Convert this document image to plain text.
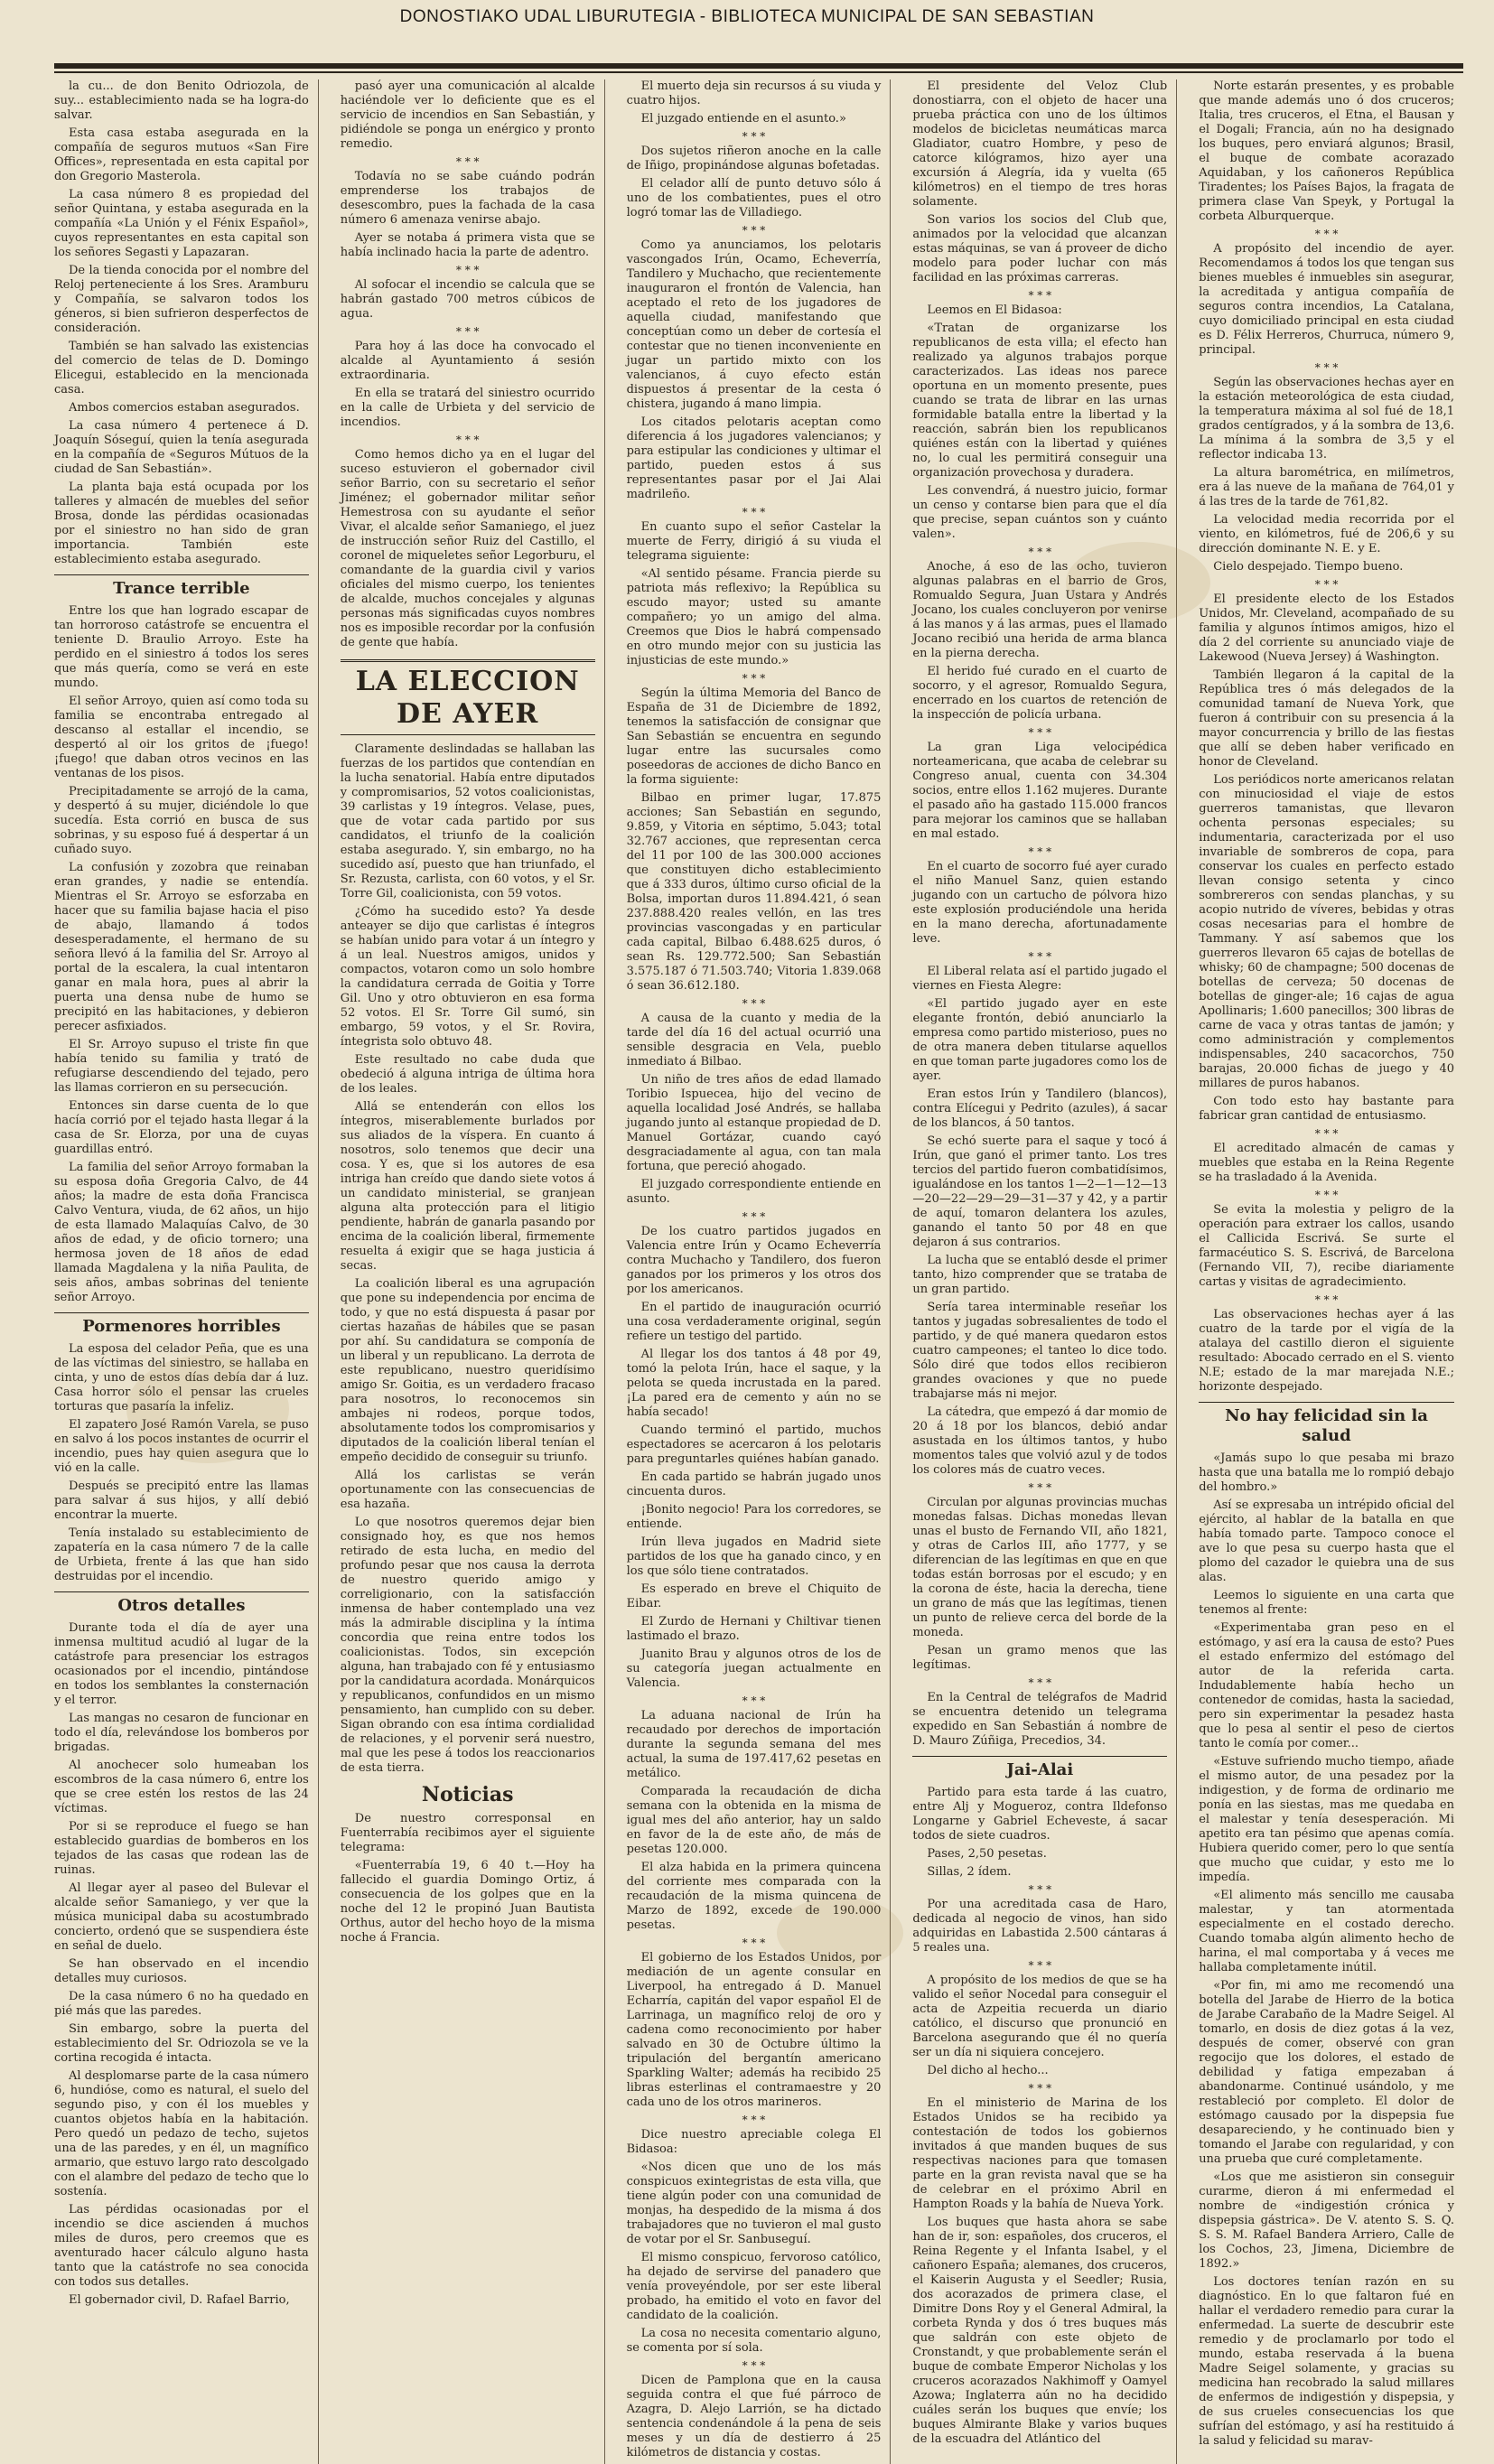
DONOSTIAKO UDAL LIBURUTEGIA - BIBLIOTECA MUNICIPAL DE SAN SEBASTIAN

la cu... de don Benito Odriozola, de suy... establecimiento nada se ha logra-do salvar.

Esta casa estaba asegurada en la compañía de seguros mutuos «San Fire Offices», representada en esta capital por don Gregorio Masterola.

La casa número 8 es propiedad del señor Quintana, y estaba asegurada en la compañía «La Unión y el Fénix Español», cuyos representantes en esta capital son los señores Segasti y Lapazaran.

De la tienda conocida por el nombre del Reloj perteneciente á los Sres. Aramburu y Compañía, se salvaron todos los géneros, si bien sufrieron desperfectos de consideración.

También se han salvado las existencias del comercio de telas de D. Domingo Elicegui, establecido en la mencionada casa.

Ambos comercios estaban asegurados.

La casa número 4 pertenece á D. Joaquín Sóseguí, quien la tenía asegurada en la compañía de «Seguros Mútuos de la ciudad de San Sebastián».

La planta baja está ocupada por los talleres y almacén de muebles del señor Brosa, donde las pérdidas ocasionadas por el siniestro no han sido de gran importancia. También este establecimiento estaba asegurado.

Trance terrible

Entre los que han logrado escapar de tan horroroso catástrofe se encuentra el teniente D. Braulio Arroyo. Este ha perdido en el siniestro á todos los seres que más quería, como se verá en este mundo.

El señor Arroyo, quien así como toda su familia se encontraba entregado al descanso al estallar el incendio, se despertó al oir los gritos de ¡fuego! ¡fuego! que daban otros vecinos en las ventanas de los pisos.

Precipitadamente se arrojó de la cama, y despertó á su mujer, diciéndole lo que sucedía. Esta corrió en busca de sus sobrinas, y su esposo fué á despertar á un cuñado suyo.

La confusión y zozobra que reinaban eran grandes, y nadie se entendía. Mientras el Sr. Arroyo se esforzaba en hacer que su familia bajase hacia el piso de abajo, llamando á todos desesperadamente, el hermano de su señora llevó á la familia del Sr. Arroyo al portal de la escalera, la cual intentaron ganar en mala hora, pues al abrir la puerta una densa nube de humo se precipitó en las habitaciones, y debieron perecer asfixiados.

El Sr. Arroyo supuso el triste fin que había tenido su familia y trató de refugiarse descendiendo del tejado, pero las llamas corrieron en su persecución.

Entonces sin darse cuenta de lo que hacía corrió por el tejado hasta llegar á la casa de Sr. Elorza, por una de cuyas guardillas entró.

La familia del señor Arroyo formaban la su esposa doña Gregoria Calvo, de 44 años; la madre de esta doña Francisca Calvo Ventura, viuda, de 62 años, un hijo de esta llamado Malaquías Calvo, de 30 años de edad, y de oficio tornero; una hermosa joven de 18 años de edad llamada Magdalena y la niña Paulita, de seis años, ambas sobrinas del teniente señor Arroyo.

Pormenores horribles

La esposa del celador Peña, que es una de las víctimas del siniestro, se hallaba en cinta, y uno de estos días debía dar á luz. Casa horror sólo el pensar las crueles torturas que pasaría la infeliz.

El zapatero José Ramón Varela, se puso en salvo á los pocos instantes de ocurrir el incendio, pues hay quien asegura que lo vió en la calle.

Después se precipitó entre las llamas para salvar á sus hijos, y allí debió encontrar la muerte.

Tenía instalado su establecimiento de zapatería en la casa número 7 de la calle de Urbieta, frente á las que han sido destruidas por el incendio.

Otros detalles

Durante toda el día de ayer una inmensa multitud acudió al lugar de la catástrofe para presenciar los estragos ocasionados por el incendio, pintándose en todos los semblantes la consternación y el terror.

Las mangas no cesaron de funcionar en todo el día, relevándose los bomberos por brigadas.

Al anochecer solo humeaban los escombros de la casa número 6, entre los que se cree estén los restos de las 24 víctimas.

Por si se reproduce el fuego se han establecido guardias de bomberos en los tejados de las casas que rodean las de ruinas.

Al llegar ayer al paseo del Bulevar el alcalde señor Samaniego, y ver que la música municipal daba su acostumbrado concierto, ordenó que se suspendiera éste en señal de duelo.

Se han observado en el incendio detalles muy curiosos.

De la casa número 6 no ha quedado en pié más que las paredes.

Sin embargo, sobre la puerta del establecimiento del Sr. Odriozola se ve la cortina recogida é intacta.

Al desplomarse parte de la casa número 6, hundióse, como es natural, el suelo del segundo piso, y con él los muebles y cuantos objetos había en la habitación. Pero quedó un pedazo de techo, sujetos una de las paredes, y en él, un magnífico armario, que estuvo largo rato descolgado con el alambre del pedazo de techo que lo sostenía.

Las pérdidas ocasionadas por el incendio se dice ascienden á muchos miles de duros, pero creemos que es aventurado hacer cálculo alguno hasta tanto que la catástrofe no sea conocida con todos sus detalles.

El gobernador civil, D. Rafael Barrio,

pasó ayer una comunicación al alcalde haciéndole ver lo deficiente que es el servicio de incendios en San Sebastián, y pidiéndole se ponga un enérgico y pronto remedio.

* * *

Todavía no se sabe cuándo podrán emprenderse los trabajos de desescombro, pues la fachada de la casa número 6 amenaza venirse abajo.

Ayer se notaba á primera vista que se había inclinado hacia la parte de adentro.

* * *

Al sofocar el incendio se calcula que se habrán gastado 700 metros cúbicos de agua.

* * *

Para hoy á las doce ha convocado el alcalde al Ayuntamiento á sesión extraordinaria.

En ella se tratará del siniestro ocurrido en la calle de Urbieta y del servicio de incendios.

* * *

Como hemos dicho ya en el lugar del suceso estuvieron el gobernador civil señor Barrio, con su secretario el señor Jiménez; el gobernador militar señor Hemestrosa con su ayudante el señor Vivar, el alcalde señor Samaniego, el juez de instrucción señor Ruiz del Castillo, el coronel de miqueletes señor Legorburu, el comandante de la guardia civil y varios oficiales del mismo cuerpo, los tenientes de alcalde, muchos concejales y algunas personas más significadas cuyos nombres nos es imposible recordar por la confusión de gente que había.

LA ELECCION DE AYER

Claramente deslindadas se hallaban las fuerzas de los partidos que contendían en la lucha senatorial. Había entre diputados y compromisarios, 52 votos coalicionistas, 39 carlistas y 19 íntegros. Velase, pues, que de votar cada partido por sus candidatos, el triunfo de la coalición estaba asegurado. Y, sin embargo, no ha sucedido así, puesto que han triunfado, el Sr. Rezusta, carlista, con 60 votos, y el Sr. Torre Gil, coalicionista, con 59 votos.

¿Cómo ha sucedido esto? Ya desde anteayer se dijo que carlistas é íntegros se habían unido para votar á un íntegro y á un leal. Nuestros amigos, unidos y compactos, votaron como un solo hombre la candidatura cerrada de Goitia y Torre Gil. Uno y otro obtuvieron en esa forma 52 votos. El Sr. Torre Gil sumó, sin embargo, 59 votos, y el Sr. Rovira, íntegrista solo obtuvo 48.

Este resultado no cabe duda que obedeció á alguna intriga de última hora de los leales.

Allá se entenderán con ellos los íntegros, miserablemente burlados por sus aliados de la víspera. En cuanto á nosotros, solo tenemos que decir una cosa. Y es, que si los autores de esa intriga han creído que dando siete votos á un candidato ministerial, se granjean alguna alta protección para el litigio pendiente, habrán de ganarla pasando por encima de la coalición liberal, firmemente resuelta á exigir que se haga justicia á secas.

La coalición liberal es una agrupación que pone su independencia por encima de todo, y que no está dispuesta á pasar por ciertas hazañas de hábiles que se pasan por ahí. Su candidatura se componía de un liberal y un republicano. La derrota de este republicano, nuestro queridísimo amigo Sr. Goitia, es un verdadero fracaso para nosotros, lo reconocemos sin ambajes ni rodeos, porque todos, absolutamente todos los compromisarios y diputados de la coalición liberal tenían el empeño decidido de conseguir su triunfo.

Allá los carlistas se verán oportunamente con las consecuencias de esa hazaña.

Lo que nosotros queremos dejar bien consignado hoy, es que nos hemos retirado de esta lucha, en medio del profundo pesar que nos causa la derrota de nuestro querido amigo y correligionario, con la satisfacción inmensa de haber contemplado una vez más la admirable disciplina y la íntima concordia que reina entre todos los coalicionistas. Todos, sin excepción alguna, han trabajado con fé y entusiasmo por la candidatura acordada. Monárquicos y republicanos, confundidos en un mismo pensamiento, han cumplido con su deber. Sigan obrando con esa íntima cordialidad de relaciones, y el porvenir será nuestro, mal que les pese á todos los reaccionarios de esta tierra.

Noticias

De nuestro corresponsal en Fuenterrabía recibimos ayer el siguiente telegrama:

«Fuenterrabía 19, 6 40 t.—Hoy ha fallecido el guardia Domingo Ortiz, á consecuencia de los golpes que en la noche del 12 le propinó Juan Bautista Orthus, autor del hecho hoyo de la misma noche á Francia.

El muerto deja sin recursos á su viuda y cuatro hijos.

El juzgado entiende en el asunto.»

* * *

Dos sujetos riñeron anoche en la calle de Iñigo, propinándose algunas bofetadas.

El celador allí de punto detuvo sólo á uno de los combatientes, pues el otro logró tomar las de Villadiego.

* * *

Como ya anunciamos, los pelotaris vascongados Irún, Ocamo, Echeverría, Tandilero y Muchacho, que recientemente inauguraron el frontón de Valencia, han aceptado el reto de los jugadores de aquella ciudad, manifestando que conceptúan como un deber de cortesía el contestar que no tienen inconveniente en jugar un partido mixto con los valencianos, á cuyo efecto están dispuestos á presentar de la cesta ó chistera, jugando á mano limpia.

Los citados pelotaris aceptan como diferencia á los jugadores valencianos; y para estipular las condiciones y ultimar el partido, pueden estos á sus representantes pasar por el Jai Alai madrileño.

* * *

En cuanto supo el señor Castelar la muerte de Ferry, dirigió á su viuda el telegrama siguiente:

«Al sentido pésame. Francia pierde su patriota más reflexivo; la República su escudo mayor; usted su amante compañero; yo un amigo del alma. Creemos que Dios le habrá compensado en otro mundo mejor con su justicia las injusticias de este mundo.»

* * *

Según la última Memoria del Banco de España de 31 de Diciembre de 1892, tenemos la satisfacción de consignar que San Sebastián se encuentra en segundo lugar entre las sucursales como poseedoras de acciones de dicho Banco en la forma siguiente:

Bilbao en primer lugar, 17.875 acciones; San Sebastián en segundo, 9.859, y Vitoria en séptimo, 5.043; total 32.767 acciones, que representan cerca del 11 por 100 de las 300.000 acciones que constituyen dicho establecimiento que á 333 duros, último curso oficial de la Bolsa, importan duros 11.894.421, ó sean 237.888.420 reales vellón, en las tres provincias vascongadas y en particular cada capital, Bilbao 6.488.625 duros, ó sean Rs. 129.772.500; San Sebastián 3.575.187 ó 71.503.740; Vitoria 1.839.068 ó sean 36.612.180.

* * *

A causa de la cuanto y media de la tarde del día 16 del actual ocurrió una sensible desgracia en Vela, pueblo inmediato á Bilbao.

Un niño de tres años de edad llamado Toribio Ispuecea, hijo del vecino de aquella localidad José Andrés, se hallaba jugando junto al estanque propiedad de D. Manuel Gortázar, cuando cayó desgraciadamente al agua, con tan mala fortuna, que pereció ahogado.

El juzgado correspondiente entiende en asunto.

* * *

De los cuatro partidos jugados en Valencia entre Irún y Ocamo Echeverría contra Muchacho y Tandilero, dos fueron ganados por los primeros y los otros dos por los americanos.

En el partido de inauguración ocurrió una cosa verdaderamente original, según refiere un testigo del partido.

Al llegar los dos tantos á 48 por 49, tomó la pelota Irún, hace el saque, y la pelota se queda incrustada en la pared. ¡La pared era de cemento y aún no se había secado!

Cuando terminó el partido, muchos espectadores se acercaron á los pelotaris para preguntarles quiénes habían ganado.

En cada partido se habrán jugado unos cincuenta duros.

¡Bonito negocio! Para los corredores, se entiende.

Irún lleva jugados en Madrid siete partidos de los que ha ganado cinco, y en los que sólo tiene contratados.

Es esperado en breve el Chiquito de Eibar.

El Zurdo de Hernani y Chiltivar tienen lastimado el brazo.

Juanito Brau y algunos otros de los de su categoría juegan actualmente en Valencia.

* * *

La aduana nacional de Irún ha recaudado por derechos de importación durante la segunda semana del mes actual, la suma de 197.417,62 pesetas en metálico.

Comparada la recaudación de dicha semana con la obtenida en la misma de igual mes del año anterior, hay un saldo en favor de la de este año, de más de pesetas 120.000.

El alza habida en la primera quincena del corriente mes comparada con la recaudación de la misma quincena de Marzo de 1892, excede de 190.000 pesetas.

* * *

El gobierno de los Estados Unidos, por mediación de un agente consular en Liverpool, ha entregado á D. Manuel Echarría, capitán del vapor español El de Larrinaga, un magnífico reloj de oro y cadena como reconocimiento por haber salvado en 30 de Octubre último la tripulación del bergantín americano Sparkling Walter; además ha recibido 25 libras esterlinas el contramaestre y 20 cada uno de los otros marineros.

* * *

Dice nuestro apreciable colega El Bidasoa:

«Nos dicen que uno de los más conspicuos exintegristas de esta villa, que tiene algún poder con una comunidad de monjas, ha despedido de la misma á dos trabajadores que no tuvieron el mal gusto de votar por el Sr. Sanbuseguí.

El mismo conspicuo, fervoroso católico, ha dejado de servirse del panadero que venía proveyéndole, por ser este liberal probado, ha emitido el voto en favor del candidato de la coalición.

La cosa no necesita comentario alguno, se comenta por sí sola.

* * *

Dicen de Pamplona que en la causa seguida contra el que fué párroco de Azagra, D. Alejo Larrión, se ha dictado sentencia condenándole á la pena de seis meses y un día de destierro á 25 kilómetros de distancia y costas.

El presidente del Veloz Club donostiarra, con el objeto de hacer una prueba práctica con uno de los últimos modelos de bicicletas neumáticas marca Gladiator, cuatro Hombre, y peso de catorce kilógramos, hizo ayer una excursión á Alegría, ida y vuelta (65 kilómetros) en el tiempo de tres horas solamente.

Son varios los socios del Club que, animados por la velocidad que alcanzan estas máquinas, se van á proveer de dicho modelo para poder luchar con más facilidad en las próximas carreras.

* * *

Leemos en El Bidasoa:

«Tratan de organizarse los republicanos de esta villa; el efecto han realizado ya algunos trabajos porque caracterizados. Las ideas nos parece oportuna en un momento presente, pues cuando se trata de librar en las urnas formidable batalla entre la libertad y la reacción, sabrán bien los republicanos quiénes están con la libertad y quiénes no, lo cual les permitirá conseguir una organización provechosa y duradera.

Les convendrá, á nuestro juicio, formar un censo y contarse bien para que el día que precise, sepan cuántos son y cuánto valen».

* * *

Anoche, á eso de las ocho, tuvieron algunas palabras en el barrio de Gros, Romualdo Segura, Juan Ustara y Andrés Jocano, los cuales concluyeron por venirse á las manos y á las armas, pues el llamado Jocano recibió una herida de arma blanca en la pierna derecha.

El herido fué curado en el cuarto de socorro, y el agresor, Romualdo Segura, encerrado en los cuartos de retención de la inspección de policía urbana.

* * *

La gran Liga velocipédica norteamericana, que acaba de celebrar su Congreso anual, cuenta con 34.304 socios, entre ellos 1.162 mujeres. Durante el pasado año ha gastado 115.000 francos para mejorar los caminos que se hallaban en mal estado.

* * *

En el cuarto de socorro fué ayer curado el niño Manuel Sanz, quien estando jugando con un cartucho de pólvora hizo este explosión produciéndole una herida en la mano derecha, afortunadamente leve.

* * *

El Liberal relata así el partido jugado el viernes en Fiesta Alegre:

«El partido jugado ayer en este elegante frontón, debió anunciarlo la empresa como partido misterioso, pues no de otra manera deben titularse aquellos en que toman parte jugadores como los de ayer.

Eran estos Irún y Tandilero (blancos), contra Elícegui y Pedrito (azules), á sacar de los blancos, á 50 tantos.

Se echó suerte para el saque y tocó á Irún, que ganó el primer tanto. Los tres tercios del partido fueron combatidísimos, igualándose en los tantos 1—2—1—12—13—20—22—29—29—31—37 y 42, y a partir de aquí, tomaron delantera los azules, ganando el tanto 50 por 48 en que dejaron á sus contrarios.

La lucha que se entabló desde el primer tanto, hizo comprender que se trataba de un gran partido.

Sería tarea interminable reseñar los tantos y jugadas sobresalientes de todo el partido, y de qué manera quedaron estos cuatro campeones; el tanteo lo dice todo. Sólo diré que todos ellos recibieron grandes ovaciones y que no puede trabajarse más ni mejor.

La cátedra, que empezó á dar momio de 20 á 18 por los blancos, debió andar asustada en los últimos tantos, y hubo momentos tales que volvió azul y de todos los colores más de cuatro veces.

* * *

Circulan por algunas provincias muchas monedas falsas. Dichas monedas llevan unas el busto de Fernando VII, año 1821, y otras de Carlos III, año 1777, y se diferencian de las legítimas en que en que todas están borrosas por el escudo; y en la corona de éste, hacia la derecha, tiene un grano de más que las legítimas, tienen un punto de relieve cerca del borde de la moneda.

Pesan un gramo menos que las legítimas.

* * *

En la Central de telégrafos de Madrid se encuentra detenido un telegrama expedido en San Sebastián á nombre de D. Mauro Zúñiga, Precedios, 34.

Jai-Alai

Partido para esta tarde á las cuatro, entre Alj y Mogueroz, contra Ildefonso Longarne y Gabriel Echeveste, á sacar todos de siete cuadros.

Pases, 2,50 pesetas.

Sillas, 2 ídem.

* * *

Por una acreditada casa de Haro, dedicada al negocio de vinos, han sido adquiridas en Labastida 2.500 cántaras á 5 reales una.

* * *

A propósito de los medios de que se ha valido el señor Nocedal para conseguir el acta de Azpeitia recuerda un diario católico, el discurso que pronunció en Barcelona asegurando que él no quería ser un día ni siquiera concejero.

Del dicho al hecho...

* * *

En el ministerio de Marina de los Estados Unidos se ha recibido ya contestación de todos los gobiernos invitados á que manden buques de sus respectivas naciones para que tomasen parte en la gran revista naval que se ha de celebrar en el próximo Abril en Hampton Roads y la bahía de Nueva York.

Los buques que hasta ahora se sabe han de ir, son: españoles, dos cruceros, el Reina Regente y el Infanta Isabel, y el cañonero España; alemanes, dos cruceros, el Kaiserin Augusta y el Seedler; Rusia, dos acorazados de primera clase, el Dimitre Dons Roy y el General Admiral, la corbeta Rynda y dos ó tres buques más que saldrán con este objeto de Cronstandt, y que probablemente serán el buque de combate Emperor Nicholas y los cruceros acorazados Nakhimoff y Oamyel Azowa; Inglaterra aún no ha decidido cuáles serán los buques que envíe; los buques Almirante Blake y varios buques de la escuadra del Atlántico del

Norte estarán presentes, y es probable que mande además uno ó dos cruceros; Italia, tres cruceros, el Etna, el Bausan y el Dogali; Francia, aún no ha designado los buques, pero enviará algunos; Brasil, el buque de combate acorazado Aquidaban, y los cañoneros República Tiradentes; los Países Bajos, la fragata de primera clase Van Speyk, y Portugal la corbeta Alburquerque.

* * *

A propósito del incendio de ayer. Recomendamos á todos los que tengan sus bienes muebles é inmuebles sin asegurar, la acreditada y antigua compañía de seguros contra incendios, La Catalana, cuyo domiciliado principal en esta ciudad es D. Félix Herreros, Churruca, número 9, principal.

* * *

Según las observaciones hechas ayer en la estación meteorológica de esta ciudad, la temperatura máxima al sol fué de 18,1 grados centígrados, y á la sombra de 13,6. La mínima á la sombra de 3,5 y el reflector indicaba 13.

La altura barométrica, en milímetros, era á las nueve de la mañana de 764,01 y á las tres de la tarde de 761,82.

La velocidad media recorrida por el viento, en kilómetros, fué de 206,6 y su dirección dominante N. E. y E.

Cielo despejado. Tiempo bueno.

* * *

El presidente electo de los Estados Unidos, Mr. Cleveland, acompañado de su familia y algunos íntimos amigos, hizo el día 2 del corriente su anunciado viaje de Lakewood (Nueva Jersey) á Washington.

También llegaron á la capital de la República tres ó más delegados de la comunidad tamaní de Nueva York, que fueron á contribuir con su presencia á la mayor concurrencia y brillo de las fiestas que allí se deben haber verificado en honor de Cleveland.

Los periódicos norte americanos relatan con minuciosidad el viaje de estos guerreros tamanistas, que llevaron ochenta personas especiales; su indumentaria, caracterizada por el uso invariable de sombreros de copa, para conservar los cuales en perfecto estado llevan consigo setenta y cinco sombrereros con sendas planchas, y su acopio nutrido de víveres, bebidas y otras cosas necesarias para el hombre de Tammany. Y así sabemos que los guerreros llevaron 65 cajas de botellas de whisky; 60 de champagne; 500 docenas de botellas de cerveza; 50 docenas de botellas de ginger-ale; 16 cajas de agua Apollinaris; 1.600 panecillos; 300 libras de carne de vaca y otras tantas de jamón; y como administración y complementos indispensables, 240 sacacorchos, 750 barajas, 20.000 fichas de juego y 40 millares de puros habanos.

Con todo esto hay bastante para fabricar gran cantidad de entusiasmo.

* * *

El acreditado almacén de camas y muebles que estaba en la Reina Regente se ha trasladado á la Avenida.

* * *

Se evita la molestia y peligro de la operación para extraer los callos, usando el Callicida Escrivá. Se surte el farmacéutico S. S. Escrivá, de Barcelona (Fernando VII, 7), recibe diariamente cartas y visitas de agradecimiento.

* * *

Las observaciones hechas ayer á las cuatro de la tarde por el vigía de la atalaya del castillo dieron el siguiente resultado: Abocado cerrado en el S. viento N.E; estado de la mar marejada N.E.; horizonte despejado.

No hay felicidad sin la salud

«Jamás supo lo que pesaba mi brazo hasta que una batalla me lo rompió debajo del hombro.»

Así se expresaba un intrépido oficial del ejército, al hablar de la batalla en que había tomado parte. Tampoco conoce el ave lo que pesa su cuerpo hasta que el plomo del cazador le quiebra una de sus alas.

Leemos lo siguiente en una carta que tenemos al frente:

«Experimentaba gran peso en el estómago, y así era la causa de esto? Pues el estado enfermizo del estómago del autor de la referida carta. Indudablemente había hecho un contenedor de comidas, hasta la saciedad, pero sin experimentar la pesadez hasta que lo pesa al sentir el peso de ciertos tanto le comía por comer...

«Estuve sufriendo mucho tiempo, añade el mismo autor, de una pesadez por la indigestion, y de forma de ordinario me ponía en las siestas, mas me quedaba en el malestar y tenía desesperación. Mi apetito era tan pésimo que apenas comía. Hubiera querido comer, pero lo que sentía que mucho que cuidar, y esto me lo impedía.

«El alimento más sencillo me causaba malestar, y tan atormentada especialmente en el costado derecho. Cuando tomaba algún alimento hecho de harina, el mal comportaba y á veces me hallaba completamente inútil.

«Por fin, mi amo me recomendó una botella del Jarabe de Hierro de la botica de Jarabe Carabaño de la Madre Seigel. Al tomarlo, en dosis de diez gotas á la vez, después de comer, observé con gran regocijo que los dolores, el estado de debilidad y fatiga empezaban á abandonarme. Continué usándolo, y me restableció por completo. El dolor de estómago causado por la dispepsia fue desapareciendo, y he continuado bien y tomando el Jarabe con regularidad, y con una prueba que curé completamente.

«Los que me asistieron sin conseguir curarme, dieron á mi enfermedad el nombre de «indigestión crónica y dispepsia gástrica». De V. atento S. S. Q. S. S. M. Rafael Bandera Arriero, Calle de los Cochos, 23, Jimena, Diciembre de 1892.»

Los doctores tenían razón en su diagnóstico. En lo que faltaron fué en hallar el verdadero remedio para curar la enfermedad. La suerte de descubrir este remedio y de proclamarlo por todo el mundo, estaba reservada á la buena Madre Seigel solamente, y gracias su medicina han recobrado la salud millares de enfermos de indigestión y dispepsia, y de sus crueles consecuencias los que sufrían del estómago, y así ha restituido á la salud y felicidad su marav-
